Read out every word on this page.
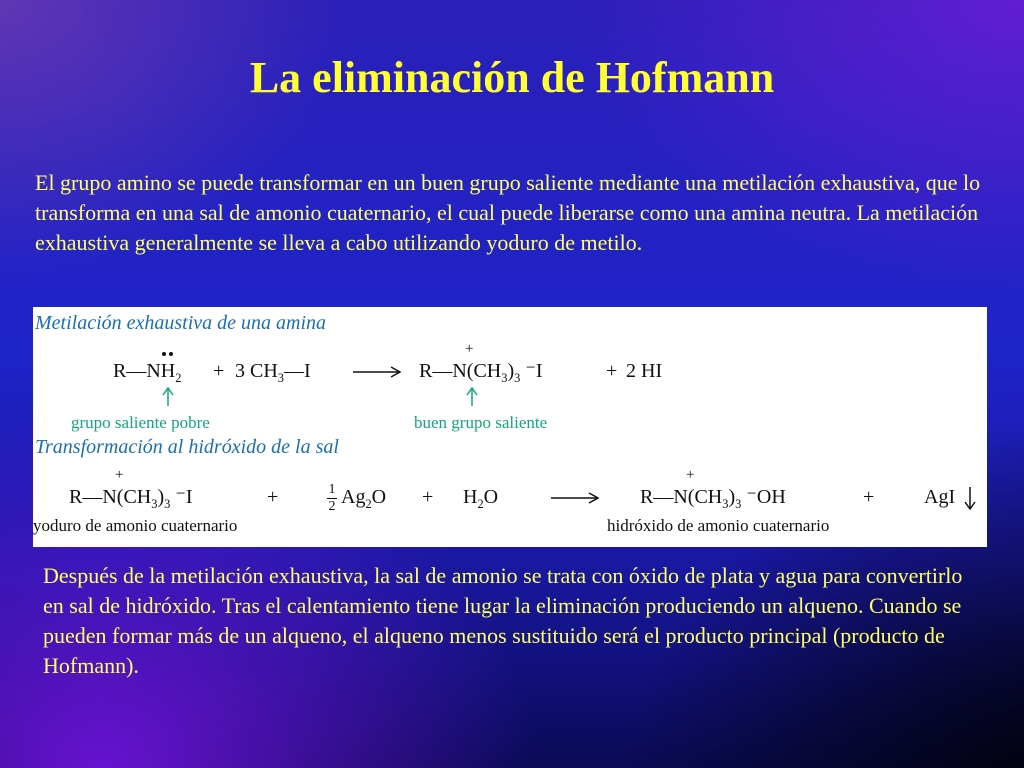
La eliminación de Hofmann
El grupo amino se puede transformar en un buen grupo saliente mediante una metilación exhaustiva, que lo transforma en una sal de amonio cuaternario, el cual puede liberarse como una amina neutra. La metilación exhaustiva generalmente se lleva a cabo utilizando yoduro de metilo.
Metilación exhaustiva de una amina
$R—NH_2 + 3$ $CH_3—I$	$R—N(CH_3)_3$ ⁻I
+
+ 2 HI
grupo saliente pobre	buen grupo saliente
Transformación al hidróxido de la sal
$R—N(CH_3)_3$ ⁻I
+
+	1
2 $Ag_2O + H_2O$	$R—N(CH_3)_3$ ⁻OH
+
+ AgI
yoduro de amonio cuaternario	hidróxido de amonio cuaternario
Después de la metilación exhaustiva, la sal de amonio se trata con óxido de plata y agua para convertirlo en sal de hidróxido. Tras el calentamiento tiene lugar la eliminación produciendo un alqueno. Cuando se pueden formar más de un alqueno, el alqueno menos sustituido será el producto principal (producto de Hofmann).
